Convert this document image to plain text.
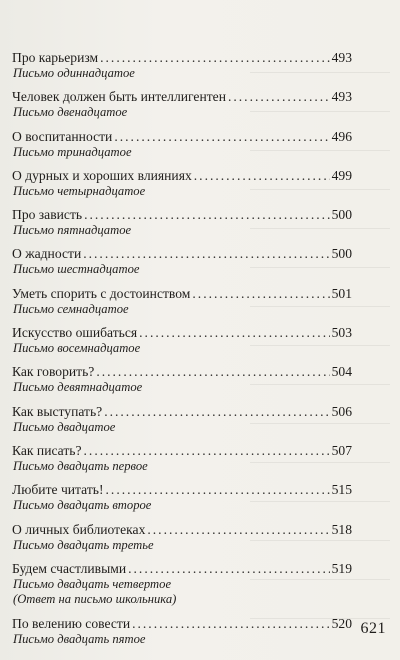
Про карьеризм .....	493
Письмо одиннадцатое
Человек должен быть интеллигентен .....	493
Письмо двенадцатое
О воспитанности .....	496
Письмо тринадцатое
О дурных и хороших влияниях .....	499
Письмо четырнадцатое
Про зависть .....	500
Письмо пятнадцатое
О жадности .....	500
Письмо шестнадцатое
Уметь спорить с достоинством .....	501
Письмо семнадцатое
Искусство ошибаться .....	503
Письмо восемнадцатое
Как говорить? .....	504
Письмо девятнадцатое
Как выступать? .....	506
Письмо двадцатое
Как писать? .....	507
Письмо двадцать первое
Любите читать! .....	515
Письмо двадцать второе
О личных библиотеках .....	518
Письмо двадцать третье
Будем счастливыми .....	519
Письмо двадцать четвертое
(Ответ на письмо школьника)
По велению совести .....	520
Письмо двадцать пятое
621
